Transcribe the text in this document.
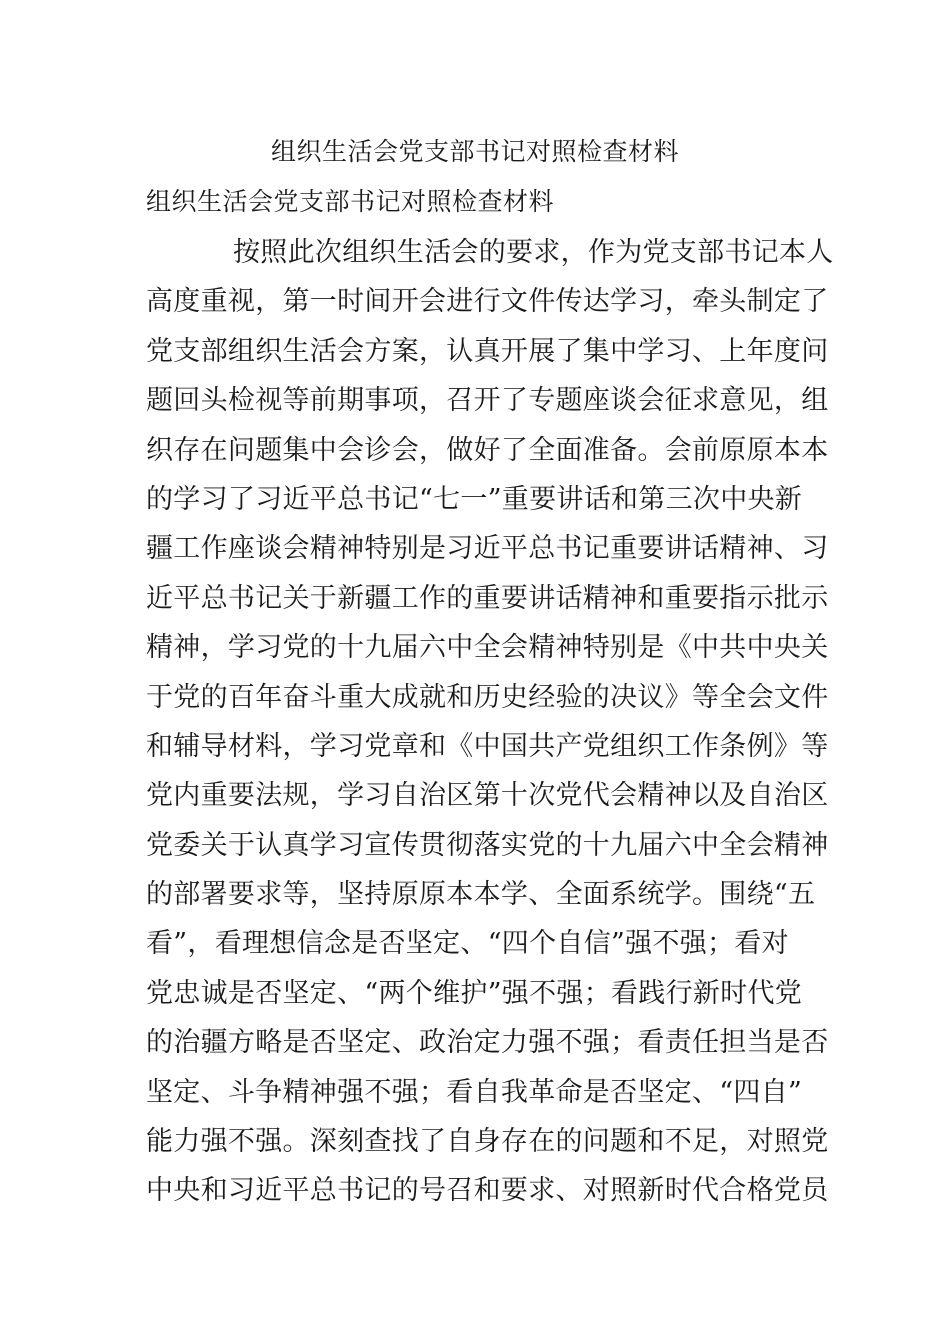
组织生活会党支部书记对照检查材料
组织生活会党支部书记对照检查材料
按照此次组织生活会的要求，作为党支部书记本人
高度重视，第一时间开会进行文件传达学习，牵头制定了
党支部组织生活会方案，认真开展了集中学习、上年度问
题回头检视等前期事项，召开了专题座谈会征求意见，组
织存在问题集中会诊会，做好了全面准备。会前原原本本
的学习了习近平总书记“七一”重要讲话和第三次中央新
疆工作座谈会精神特别是习近平总书记重要讲话精神、习
近平总书记关于新疆工作的重要讲话精神和重要指示批示
精神，学习党的十九届六中全会精神特别是《中共中央关
于党的百年奋斗重大成就和历史经验的决议》等全会文件
和辅导材料，学习党章和《中国共产党组织工作条例》等
党内重要法规，学习自治区第十次党代会精神以及自治区
党委关于认真学习宣传贯彻落实党的十九届六中全会精神
的部署要求等，坚持原原本本学、全面系统学。围绕“五
看”，看理想信念是否坚定、“四个自信”强不强；看对
党忠诚是否坚定、“两个维护”强不强；看践行新时代党
的治疆方略是否坚定、政治定力强不强；看责任担当是否
坚定、斗争精神强不强；看自我革命是否坚定、“四自”
能力强不强。深刻查找了自身存在的问题和不足，对照党
中央和习近平总书记的号召和要求、对照新时代合格党员
